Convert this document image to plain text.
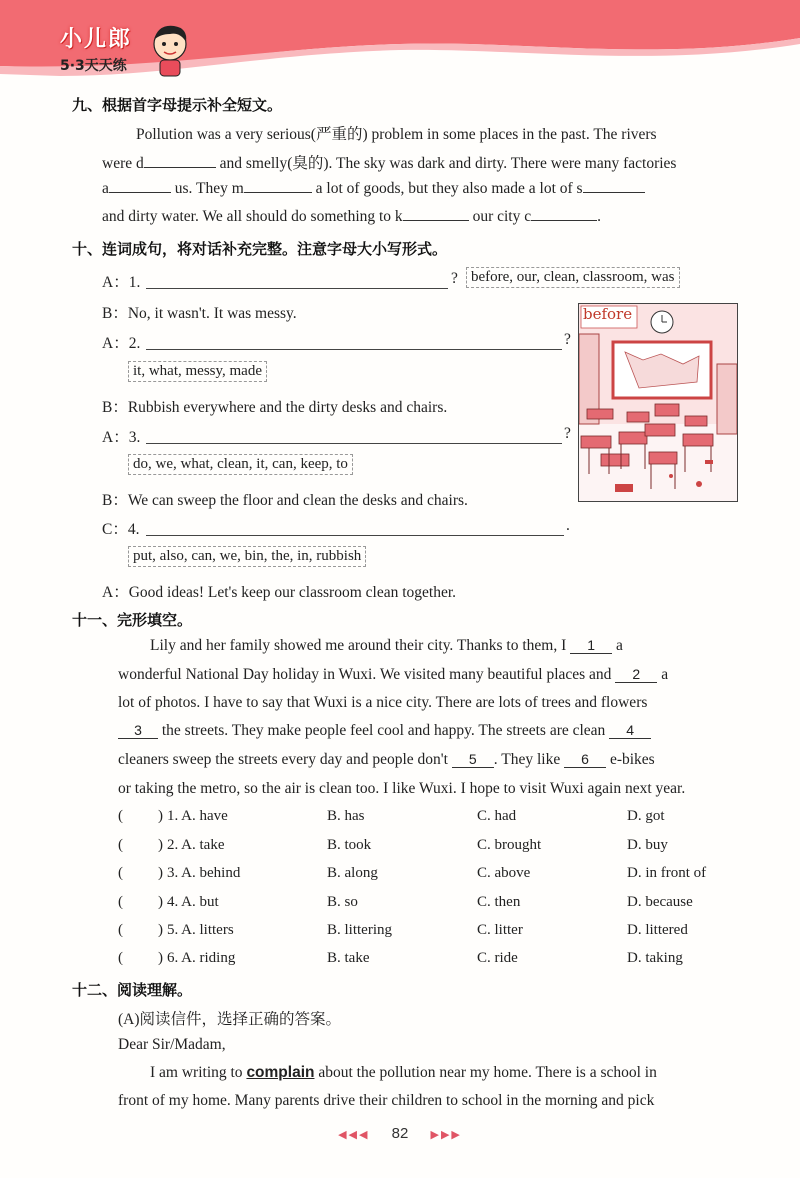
小儿郎
5·3天天练
九、根据首字母提示补全短文。
Pollution was a very serious(严重的) problem in some places in the past. The rivers
were d	and smelly(臭的). The sky was dark and dirty. There were many factories
a	us. They m	a lot of goods, but they also made a lot of s
and dirty water. We all should do something to k	our city c	.
十、连词成句，将对话补充完整。注意字母大小写形式。
A：1.	? before, our, clean, classroom, was
B：No, it wasn't. It was messy.
A：2.	?
it, what, messy, made
B：Rubbish everywhere and the dirty desks and chairs.
A：3.	?
do, we, what, clean, it, can, keep, to
B：We can sweep the floor and clean the desks and chairs.
C：4.	.
put, also, can, we, bin, the, in, rubbish
A：Good ideas! Let's keep our classroom clean together.
before
十一、完形填空。
Lily and her family showed me around their city. Thanks to them, I 1 a
wonderful National Day holiday in Wuxi. We visited many beautiful places and 2 a
lot of photos. I have to say that Wuxi is a nice city. There are lots of trees and flowers
3 the streets. They make people feel cool and happy. The streets are clean 4
cleaners sweep the streets every day and people don't 5 . They like 6 e-bikes
or taking the metro, so the air is clean too. I like Wuxi. I hope to visit Wuxi again next year.
( ) 1. A. have	B. has	C. had	D. got
( ) 2. A. take	B. took	C. brought	D. buy
( ) 3. A. behind	B. along	C. above	D. in front of
( ) 4. A. but	B. so	C. then	D. because
( ) 5. A. litters	B. littering	C. litter	D. littered
( ) 6. A. riding	B. take	C. ride	D. taking
十二、阅读理解。
(A)阅读信件，选择正确的答案。
Dear Sir/Madam,
I am writing to complain about the pollution near my home. There is a school in
front of my home. Many parents drive their children to school in the morning and pick
◀◀◀ 82 ▶▶▶
